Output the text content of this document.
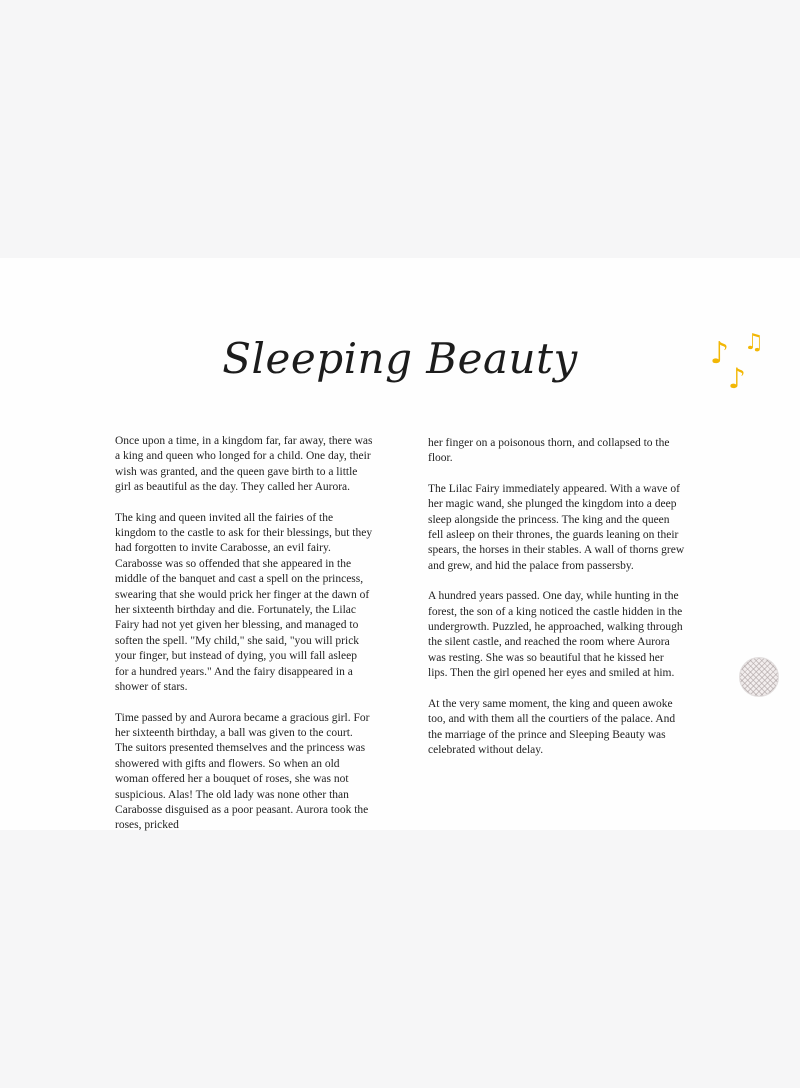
Sleeping Beauty

Once upon a time, in a kingdom far, far away, there was a king and queen who longed for a child. One day, their wish was granted, and the queen gave birth to a little girl as beautiful as the day. They called her Aurora.

The king and queen invited all the fairies of the kingdom to the castle to ask for their blessings, but they had forgotten to invite Carabosse, an evil fairy. Carabosse was so offended that she appeared in the middle of the banquet and cast a spell on the princess, swearing that she would prick her finger at the dawn of her sixteenth birthday and die. Fortunately, the Lilac Fairy had not yet given her blessing, and managed to soften the spell. "My child," she said, "you will prick your finger, but instead of dying, you will fall asleep for a hundred years." And the fairy disappeared in a shower of stars.

Time passed by and Aurora became a gracious girl. For her sixteenth birthday, a ball was given to the court. The suitors presented themselves and the princess was showered with gifts and flowers. So when an old woman offered her a bouquet of roses, she was not suspicious. Alas! The old lady was none other than Carabosse disguised as a poor peasant. Aurora took the roses, pricked

her finger on a poisonous thorn, and collapsed to the floor.

The Lilac Fairy immediately appeared. With a wave of her magic wand, she plunged the kingdom into a deep sleep alongside the princess. The king and the queen fell asleep on their thrones, the guards leaning on their spears, the horses in their stables. A wall of thorns grew and grew, and hid the palace from passersby.

A hundred years passed. One day, while hunting in the forest, the son of a king noticed the castle hidden in the undergrowth. Puzzled, he approached, walking through the silent castle, and reached the room where Aurora was resting. She was so beautiful that he kissed her lips. Then the girl opened her eyes and smiled at him.

At the very same moment, the king and queen awoke too, and with them all the courtiers of the palace. And the marriage of the prince and Sleeping Beauty was celebrated without delay.

♪ ♫
♪
